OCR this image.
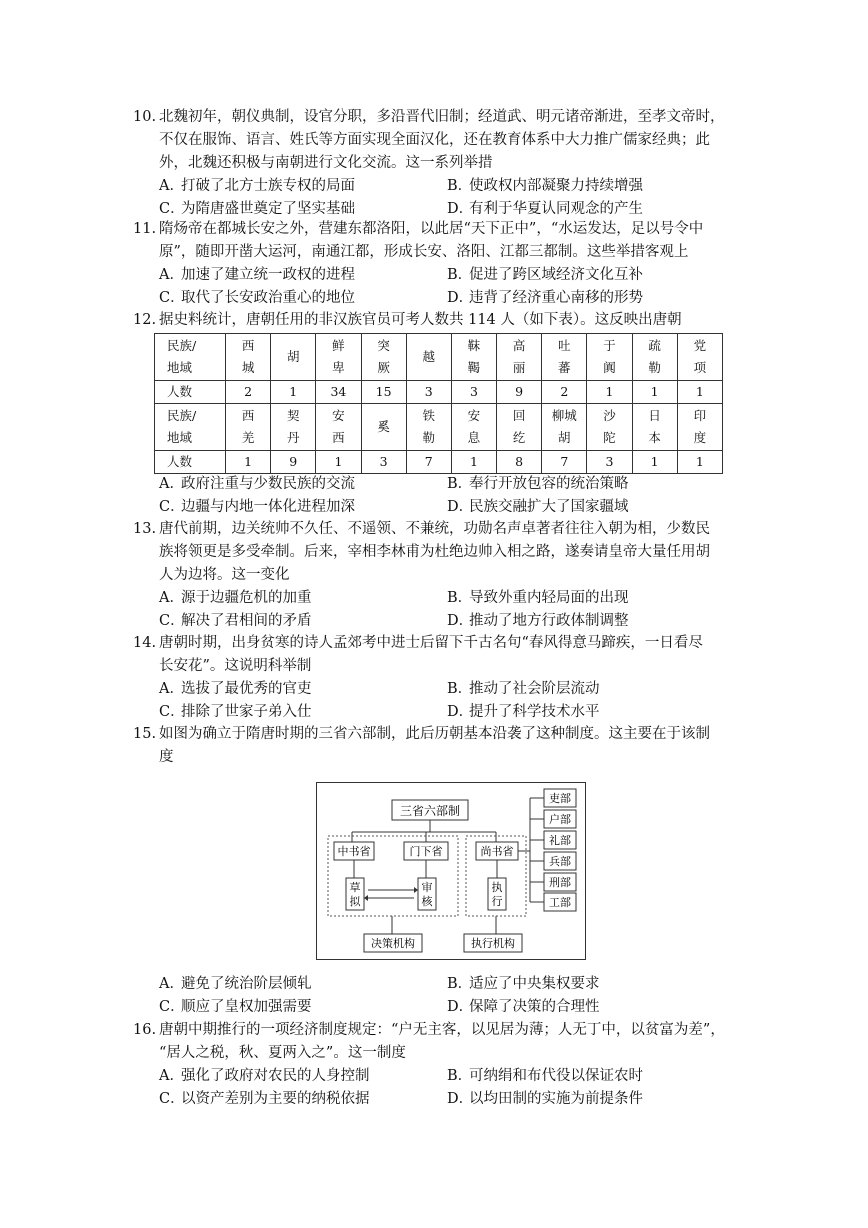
10. 北魏初年，朝仪典制，设官分职，多沿晋代旧制；经道武、明元诸帝渐进，至孝文帝时，

不仅在服饰、语言、姓氏等方面实现全面汉化，还在教育体系中大力推广儒家经典；此

外，北魏还积极与南朝进行文化交流。这一系列举措

A．打破了北方士族专权的局面	B．使政权内部凝聚力持续增强
C．为隋唐盛世奠定了坚实基础	D．有利于华夏认同观念的产生

11. 隋炀帝在都城长安之外，营建东都洛阳，以此居“天下正中”，“水运发达，足以号令中

原”，随即开凿大运河，南通江都，形成长安、洛阳、江都三都制。这些举措客观上

A．加速了建立统一政权的进程	B．促进了跨区域经济文化互补
C．取代了长安政治重心的地位	D．违背了经济重心南移的形势

12. 据史料统计，唐朝任用的非汉族官员可考人数共 114 人（如下表）。这反映出唐朝

民族/地域	西城	胡	鲜卑	突厥	越	靺鞨	高丽	吐蕃	于阗	疏勒	党项
人数	2	1	34	15	3	3	9	2	1	1	1
民族/地域	西羌	契丹	安西	奚	铁勒	安息	回纥	柳城胡	沙陀	日本	印度
人数	1	9	1	3	7	1	8	7	3	1	1
A．政府注重与少数民族的交流	B．奉行开放包容的统治策略
C．边疆与内地一体化进程加深	D．民族交融扩大了国家疆域

13. 唐代前期，边关统帅不久任、不遥领、不兼统，功勋名声卓著者往往入朝为相，少数民

族将领更是多受牵制。后来，宰相李林甫为杜绝边帅入相之路，遂奏请皇帝大量任用胡

人为边将。这一变化

A．源于边疆危机的加重	B．导致外重内轻局面的出现
C．解决了君相间的矛盾	D．推动了地方行政体制调整

14. 唐朝时期，出身贫寒的诗人孟郊考中进士后留下千古名句“春风得意马蹄疾，一日看尽

长安花”。这说明科举制

A．选拔了最优秀的官吏	B．推动了社会阶层流动
C．排除了世家子弟入仕	D．提升了科学技术水平

15. 如图为确立于隋唐时期的三省六部制，此后历朝基本沿袭了这种制度。这主要在于该制

度

三省六部制
中书省	门下省	尚书省
草
拟
审
核
执
行
决策机构	执行机构
吏部
户部
礼部
兵部
刑部
工部
A．避免了统治阶层倾轧	B．适应了中央集权要求
C．顺应了皇权加强需要	D．保障了决策的合理性

16. 唐朝中期推行的一项经济制度规定：“户无主客，以见居为薄；人无丁中，以贫富为差”，

“居人之税，秋、夏两入之”。这一制度

A．强化了政府对农民的人身控制	B．可纳绢和布代役以保证农时
C．以资产差别为主要的纳税依据	D．以均田制的实施为前提条件
